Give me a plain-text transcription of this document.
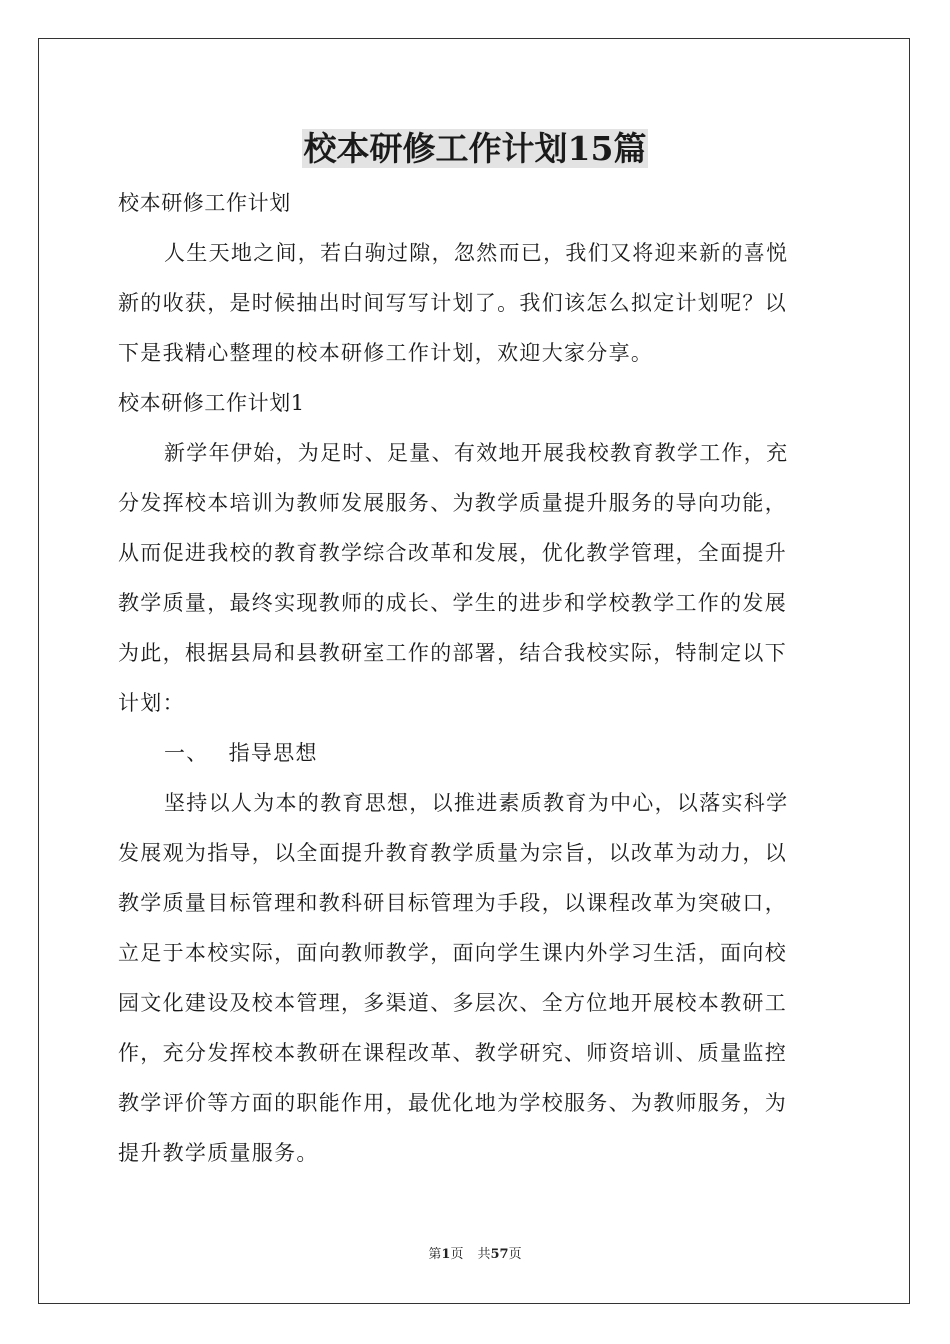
校本研修工作计划15篇
校本研修工作计划
人生天地之间，若白驹过隙，忽然而已，我们又将迎来新的喜悦
新的收获，是时候抽出时间写写计划了。我们该怎么拟定计划呢？以
下是我精心整理的校本研修工作计划，欢迎大家分享。
校本研修工作计划1
新学年伊始，为足时、足量、有效地开展我校教育教学工作，充
分发挥校本培训为教师发展服务、为教学质量提升服务的导向功能，
从而促进我校的教育教学综合改革和发展，优化教学管理，全面提升
教学质量，最终实现教师的成长、学生的进步和学校教学工作的发展
为此，根据县局和县教研室工作的部署，结合我校实际，特制定以下
计划：
一、 指导思想
坚持以人为本的教育思想，以推进素质教育为中心，以落实科学
发展观为指导，以全面提升教育教学质量为宗旨，以改革为动力，以
教学质量目标管理和教科研目标管理为手段，以课程改革为突破口，
立足于本校实际，面向教师教学，面向学生课内外学习生活，面向校
园文化建设及校本管理，多渠道、多层次、全方位地开展校本教研工
作，充分发挥校本教研在课程改革、教学研究、师资培训、质量监控
教学评价等方面的职能作用，最优化地为学校服务、为教师服务，为
提升教学质量服务。
第1页 共57页
